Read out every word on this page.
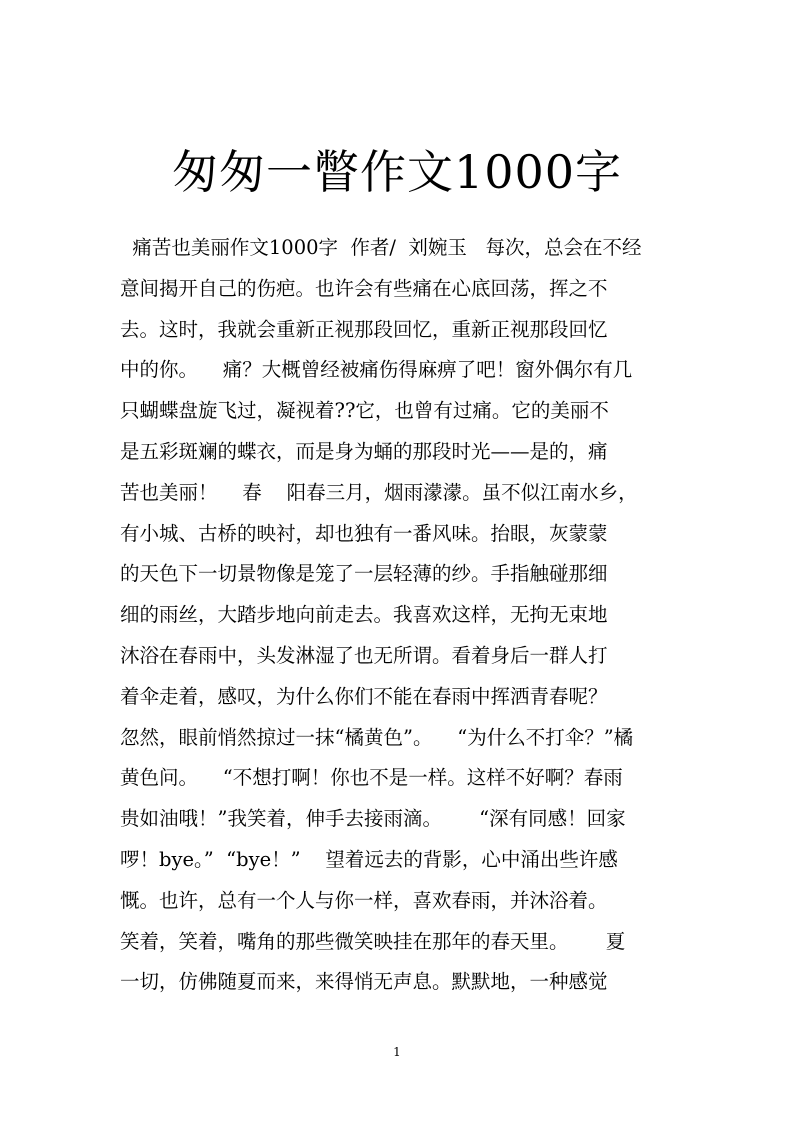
匆匆一瞥作文1000字
痛苦也美丽作文1000字  作者/  刘婉玉   每次，总会在不经
意间揭开自己的伤疤。也许会有些痛在心底回荡，挥之不
去。这时，我就会重新正视那段回忆，重新正视那段回忆
中的你。    痛？大概曾经被痛伤得麻痹了吧！窗外偶尔有几
只蝴蝶盘旋飞过，凝视着??它，也曾有过痛。它的美丽不
是五彩斑斓的蝶衣，而是身为蛹的那段时光——是的，痛
苦也美丽！    春    阳春三月，烟雨濛濛。虽不似江南水乡，
有小城、古桥的映衬，却也独有一番风味。抬眼，灰蒙蒙
的天色下一切景物像是笼了一层轻薄的纱。手指触碰那细
细的雨丝，大踏步地向前走去。我喜欢这样，无拘无束地
沐浴在春雨中，头发淋湿了也无所谓。看着身后一群人打
着伞走着，感叹，为什么你们不能在春雨中挥洒青春呢？
忽然，眼前悄然掠过一抹“橘黄色”。    “为什么不打伞？”橘
黄色问。    “不想打啊！你也不是一样。这样不好啊？春雨
贵如油哦！”我笑着，伸手去接雨滴。      “深有同感！回家
啰！bye。”  “bye！”    望着远去的背影，心中涌出些许感
慨。也许，总有一个人与你一样，喜欢春雨，并沐浴着。
笑着，笑着，嘴角的那些微笑映挂在那年的春天里。      夏
一切，仿佛随夏而来，来得悄无声息。默默地，一种感觉
1
